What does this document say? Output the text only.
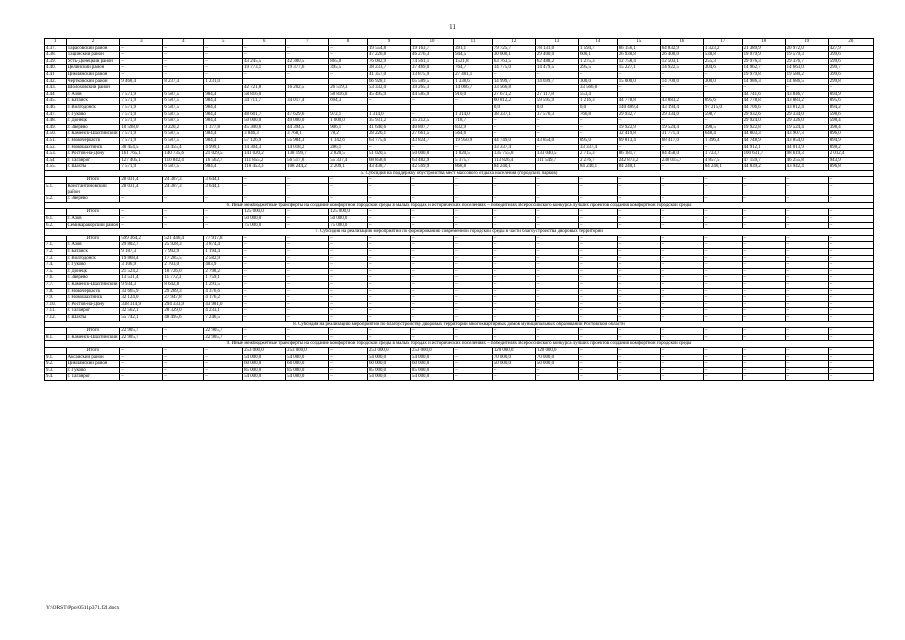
11
1	2	3	4	5	6	7	8	9	10	11	12	13	14	15	16	17	18	19	20
4.37.	Тарасовский район	–	–	–	–	–	–	19 554,8	19 163,7	391,1	79 725,7	78 131,0	1 594,7	66 156,1	64 832,9	1 323,2	21 389,9	20 972,0	427,9
4.38.	Тацинский район	–	–	–	–	–	–	47 220,8	46 276,3	944,5	30 000,1	29 400,0	600,1	26 938,8	26 400,0	538,8	19 979,9	19 579,3	399,6
4.39.	Усть-Донецкий район	–	–	–	43 245,5	42 380,5	865,0	76 082,9	74 561,1	1521,8	63 763,5	62 488,2	1 275,3	12 758,4	12 503,1	255,3	29 976,3	29 376,7	599,6
4.40.	Целинский район	–	–	–	19 773,1	19 377,6	395,5	38 233,7	37 469,0	764,7	14 775,0	14 479,5	295,5	15 227,1	14 922,5	304,6	14 962,7	14 663,0	299,7
4.41	Цимлянский район	–	–	–	–	–	–	41 357,0	13 875,9	27 481,1	–	–	–	–	–	–	19 979,8	19 580,2	399,6
4.42.	Чертковский район	9 468,4	8 237,4	1 231,0				66 928,1	65 589,5	1 338,6	14 999,7	14 699,7	300,0	15 000,0	14 700,0	300,0	14 986,3	14 686,5	299,8
4.43.	Шолоховский район				42 721,8	16 202,5	26 519,3	53 332,0	39 265,3	14 066,7	33 566,8		33 566,8	–	–	–	–	–	–
4.44	г. Азов	7 571,9	6 587,5	984,4	58 816,0		58 816,0	45 495,9	44 585,9	910,0	27 671,2	27 117,8	553,4				44 741,6	43 846,7	894,9
4.45.	г. Батайск	7 571,9	6 587,5	984,4	34 711,7	34 017,4	694,3	–	–	–	60 812,2	59 595,9	1 216,3	44 778,8	43 883,2	895,6	44 778,8	43 883,2	895,6
4.46.	г. Волгодонск	7 571,9	6 587,5	984,4							0,0	0,0	0,0	140 409,4	43 194,4	97 215,0	44 706,6	43 812,4	894,2
4.47.	г. Гуково	7 571,9	6 587,5	984,4	48 601,7	47 629,6	972,1	1 314,0	–	1 314,0	38 337,1	37 570,3	766,8	29 932,7	29 334,0	598,7	29 932,6	29 334,0	598,6
4.48.	г. Донецк	7 571,9	6 587,5	984,4	50 000,0	49 000,0	1 000,0	35 931,2	35 212,5	718,7	–	–	–	–	–	–	29 924,0	29 326,0	598,4
4.49.	г. Зверево	10 598,0	9 220,2	1 377,8	45 300,6	44 394,5	906,1	41 640,6	40 807,7	832,9	–	–	–	19 922,9	19 524,4	398,5	19 922,8	19 524,4	398,4
4.50.	г. Каменск-Шахтинский	7 571,9	6 587,5	984,4	3 846,3	3 768,1	78,2	28 226,1	27 661,5	564,6	–	–	–	32 419,8	31 771,4	648,4	44 803,3	43 907,3	896,0
4.51.	г. Новочеркасск	7 571,9	6 587,5	984,4	57 126,9	55 984,3	1 142,6	63 775,6	43 824,7	19 950,9	44 749,0	43 854,0	895,0	69 813,4	68 417,0	1 396,4	44 748,9	43 854,0	894,9
4.52.	г. Новошахтинск	38 454,5	33 455,4	4 999,1	14 304,3	14 018,2	286,1	–	–	–	33 337,4	–	33 337,4	–	–	–	44 912,1	44 013,9	898,2
4.53.	г. Ростов-на-Дону	161 765,1	140 735,6	21 029,5	141 020,2	138 199,7	2 820,5	51 020,5	50 000,0	1 020,5	135 755,8	133 040,5	2 715,3	86 181,7	84 458,0	1 723,7	100 631,7	98 619,3	2 012,4
4.54	г. Таганрог	127 405,1	110 842,4	16 562,7	111 855,2	56 517,8	55 337,4	68 858,6	63 482,9	5 375,7	113 826,4	111 549,7	2 276,7	242 873,2	238 015,7	4 857,5	47 159,7	46 255,8	943,9
4.55.	г. Шахты	7 571,9	6 587,5	984,4	110 453,3	108 244,2	2 209,1	43 438,7	42 569,9	868,8	84 240,1		84 240,1	84 240,1	–	84 240,1	44 839,2	43 942,4	896,8
5. Субсидия на поддержку обустройства мест массового отдыха населения (городских парков)																			
	Итого	28 031,4	24 387,3	3 644,1	–	–	–	–	–	–	–	–	–	–	–	–	–	–	–
5.1.	Константиновский район	28 031,4	24 387,3	3 644,1	–	–	–	–	–	–	–	–	–	–	–	–	–	–	–
5.2.	г. Зверево	–	–	–	–	–	–	–	–	–	–	–	–	–	–	–	–	–	–
6. Иные межбюджетные трансферты на создание комфортной городской среды в малых городах и исторических поселениях – победителях Всероссийского конкурса лучших проектов создания комфортной городской среды																			
	Итого	–	–	–	125 000,0	–	125 000,0	–	–	–	–	–	–	–	–	–	–	–	–
6.1.	г. Азов	–	–	–	50 000,0	–	50 000,0	–	–	–	–	–	–	–	–	–	–	–	–
6.2.	Семикаракорский район	–	–	–	75 000,0	–	75 000,0	–	–	–	–	–	–	–	–	–	–	–	–
7. Субсидия на реализацию мероприятий по формированию современной городской среды в части благоустройства дворовых территорий																			
	Итого	599 364,2	521 446,4	77 917,8	–	–	–	–	–	–	–	–	–	–	–	–	–	–	–
7.1.	г. Азов	29 802,7	25 928,3	3 874,4	–	–	–	–	–	–	–	–	–	–	–	–	–	–	–
7.2.	г. Батайск	9 187,3	7 992,9	1 194,4	–	–	–	–	–	–	–	–	–	–	–	–	–	–	–
7.3.	г. Волгодонск	19 868,4	17 285,5	2 582,9	–	–	–	–	–	–	–	–	–	–	–	–	–	–	–
7.4.	г. Гуково	3 106,9	2 703,0	403,9	–	–	–	–	–	–	–	–	–	–	–	–	–	–	–
7.5.	г. Донецк	21 524,2	18 726,0	2 798,2	–	–	–	–	–	–	–	–	–	–	–	–	–	–	–
7.6.	г. Зверево	13 531,4	11 772,3	1 759,1	–	–	–	–	–	–	–	–	–	–	–	–	–	–	–
7.7.	г. Каменск-Шахтинский	9 934,3	8 642,8	1 291,5	–	–	–	–	–	–	–	–	–	–	–	–	–	–	–
7.8.	г. Новочеркасск	33 665,9	29 289,3	4 376,6	–	–	–	–	–	–	–	–	–	–	–	–	–	–	–
7.9.	г. Новошахтинск	32 124,0	27 947,8	4 176,2	–	–	–	–	–	–	–	–	–	–	–	–	–	–	–
7.10.	г. Ростов-на-Дону	338 314,9	294 333,9	43 981,0	–	–	–	–	–	–	–	–	–	–	–	–	–	–	–
7.11.	г. Таганрог	32 562,1	28 329,0	4 233,1	–	–	–	–	–	–	–	–	–	–	–	–	–	–	–
7.12.	г. Шахты	55 742,1	48 495,6	7 246,5	–	–	–	–	–	–	–	–	–	–	–	–	–	–	–
8. Субсидия на реализацию мероприятий по благоустройству дворовых территорий многоквартирных домов муниципальных образований Ростовской области																			
	Итого	22 905,7	–	22 905,7	–	–	–	–	–	–	–	–	–	–	–	–	–	–	–
8.1.	г. Каменск-Шахтинский	22 905,7	–	22 905,7	–	–	–	–	–	–	–	–	–	–	–	–	–	–	–
9. Иные межбюджетные трансферты на создание комфортной городской среды в малых городах и исторических поселениях – победителях Всероссийского конкурса лучших проектов создания комфортной городской среды																			
	Итого	–	–	–	253 000,0	253 000,0	–	253 000,0	253 000,0	–	120 000,0	120 000,0	–	–	–	–	–	–	–
9.1.	Аксайский район	–	–	–	54 000,0	54 000,0	–	54 000,0	54 000,0	–	70 000,0	70 000,0	–	–	–	–	–	–	–
9.2.	Цимлянский район	–	–	–	60 000,0	60 000,0	–	60 000,0	60 000,0	–	50 000,0	50 000,0	–	–	–	–	–	–	–
9.3.	г. Гуково	–	–	–	85 000,0	85 000,0	–	85 000,0	85 000,0	–	–	–	–	–	–	–	–	–	–
9.4.	г. Таганрог	–	–	–	54 000,0	54 000,0	–	54 000,0	54 000,0	–	–	–	–	–	–	–	–	–	–
Y:\ORST\Ppo\0511p371.f2l.docx
